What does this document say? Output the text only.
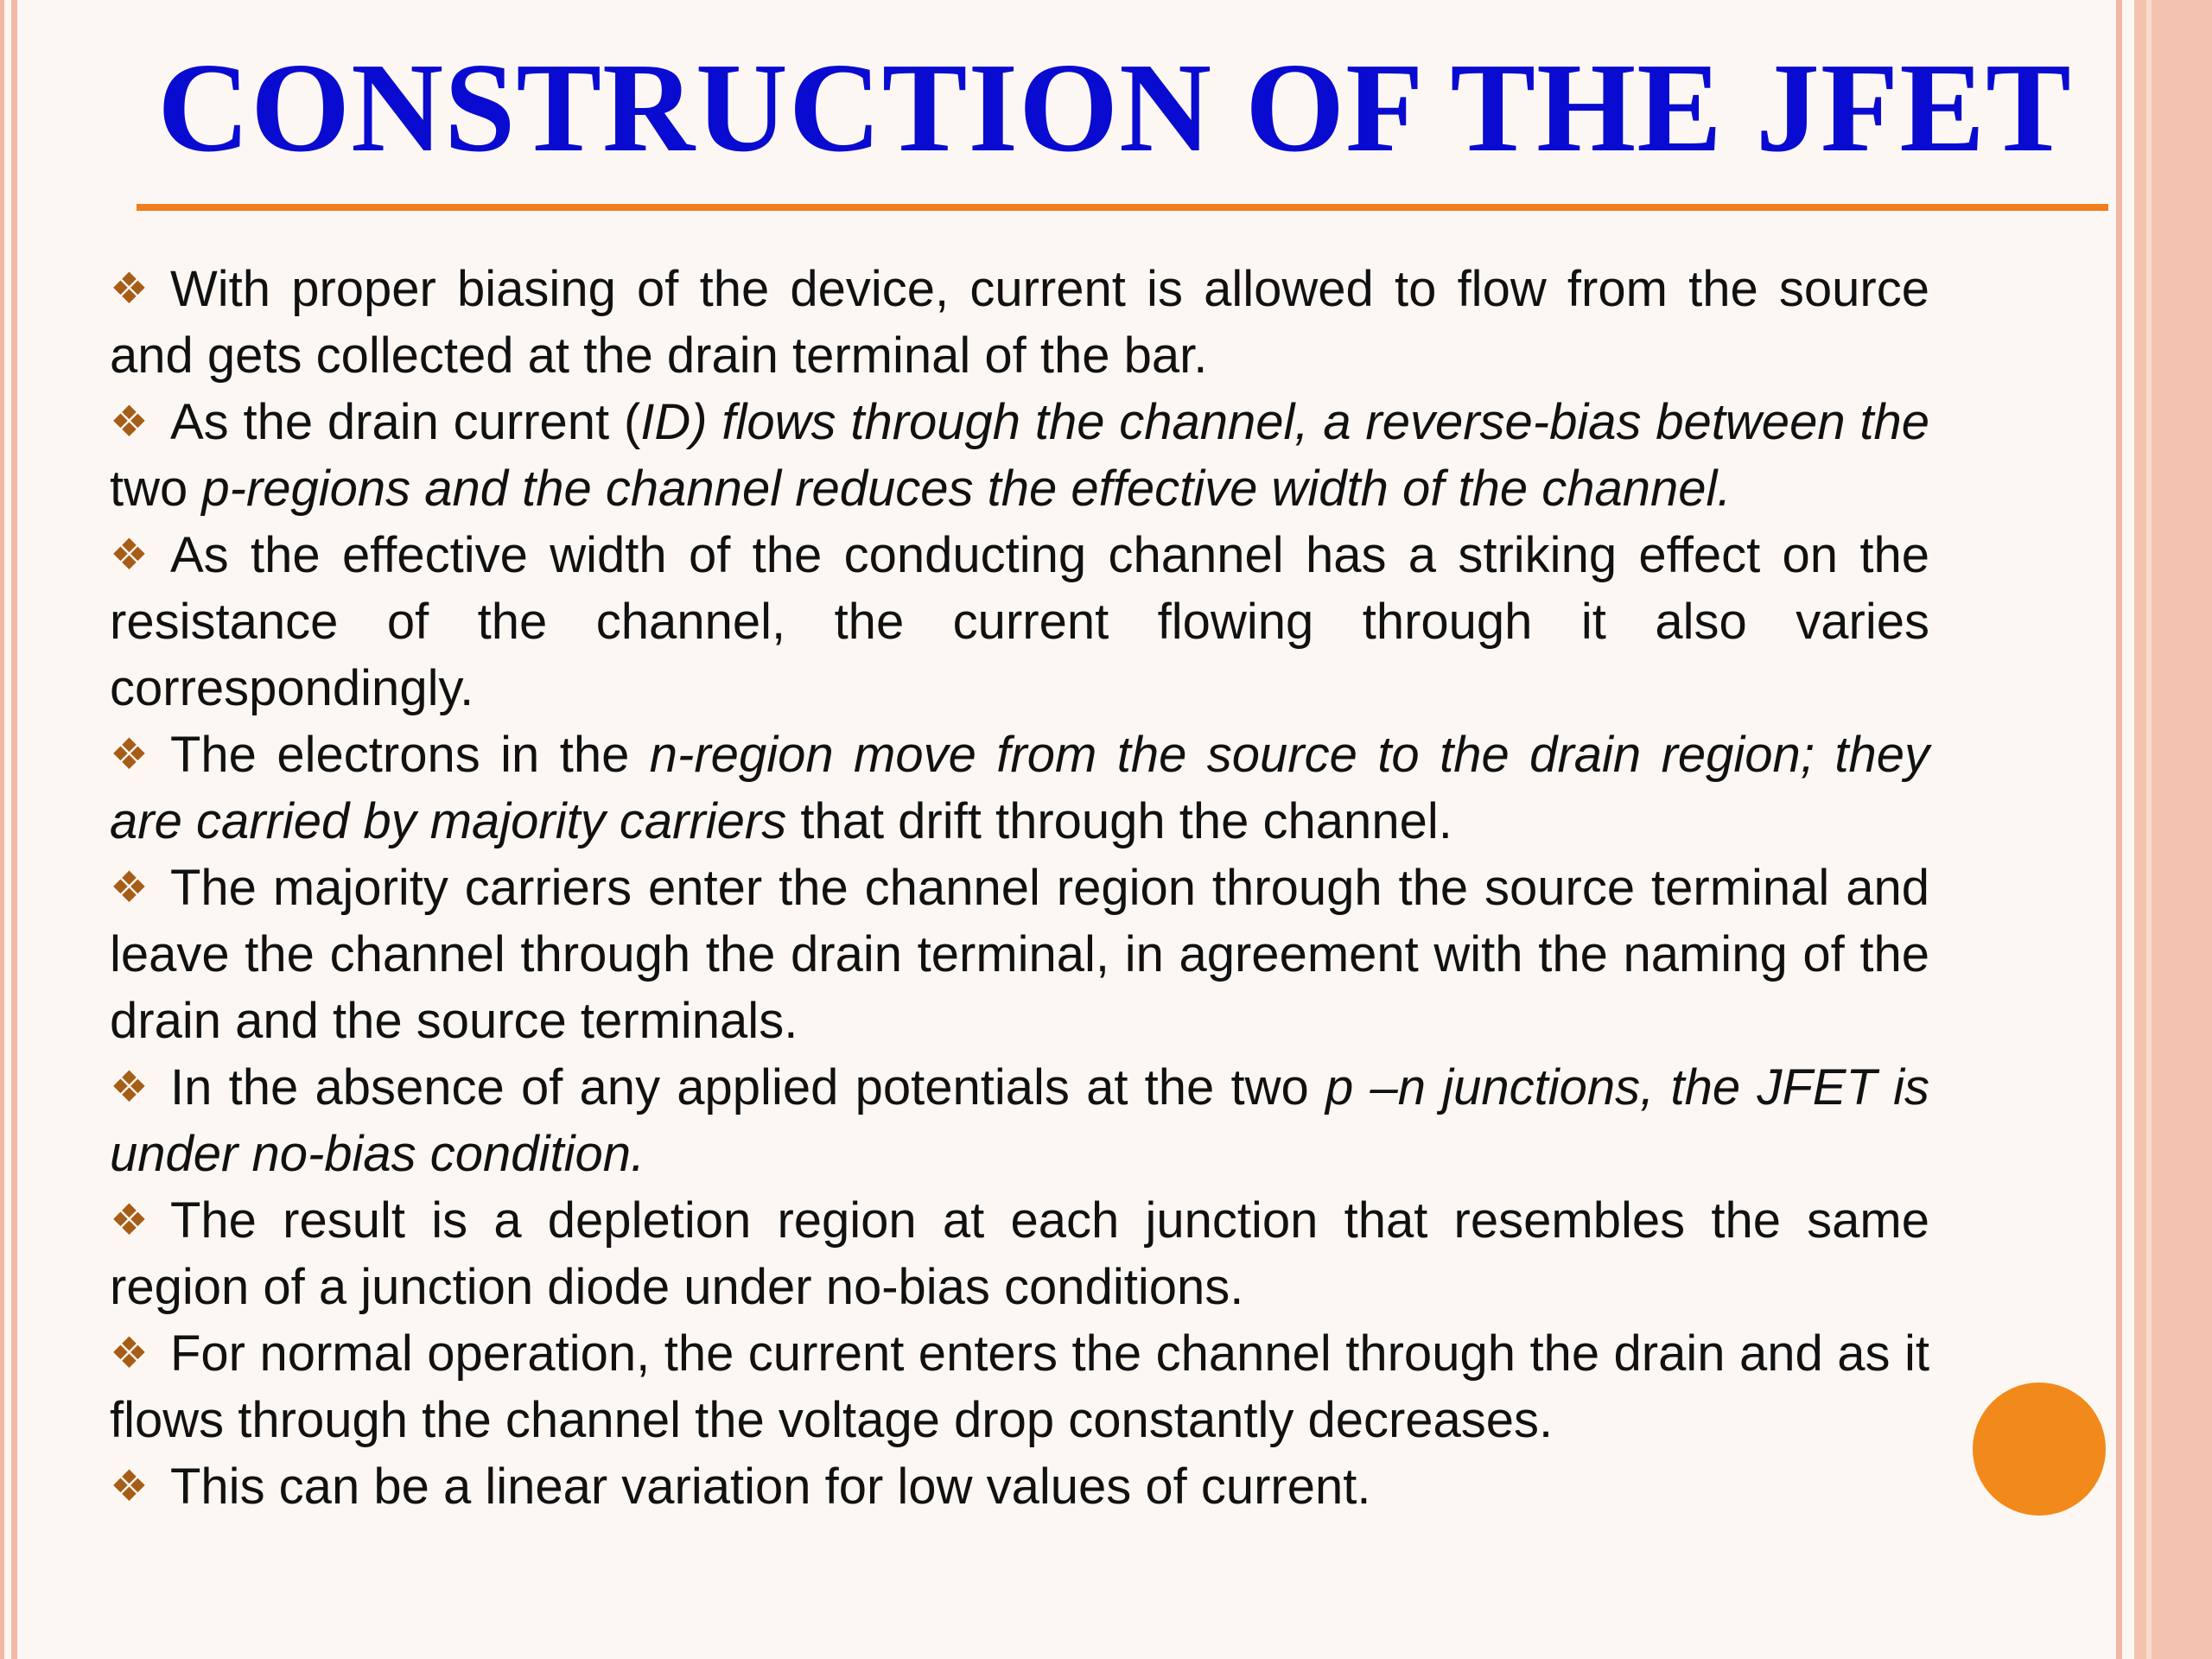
CONSTRUCTION OF THE JFET

❖ With proper biasing of the device, current is allowed to flow from the source and gets collected at the drain terminal of the bar.

❖ As the drain current (ID) flows through the channel, a reverse-bias between the two p-regions and the channel reduces the effective width of the channel.

❖ As the effective width of the conducting channel has a striking effect on the resistance of the channel, the current flowing through it also varies correspondingly.

❖ The electrons in the n-region move from the source to the drain region; they are carried by majority carriers that drift through the channel.

❖ The majority carriers enter the channel region through the source terminal and leave the channel through the drain terminal, in agreement with the naming of the drain and the source terminals.

❖ In the absence of any applied potentials at the two p –n junctions, the JFET is under no-bias condition.

❖ The result is a depletion region at each junction that resembles the same region of a junction diode under no-bias conditions.

❖ For normal operation, the current enters the channel through the drain and as it flows through the channel the voltage drop constantly decreases.

❖ This can be a linear variation for low values of current.
